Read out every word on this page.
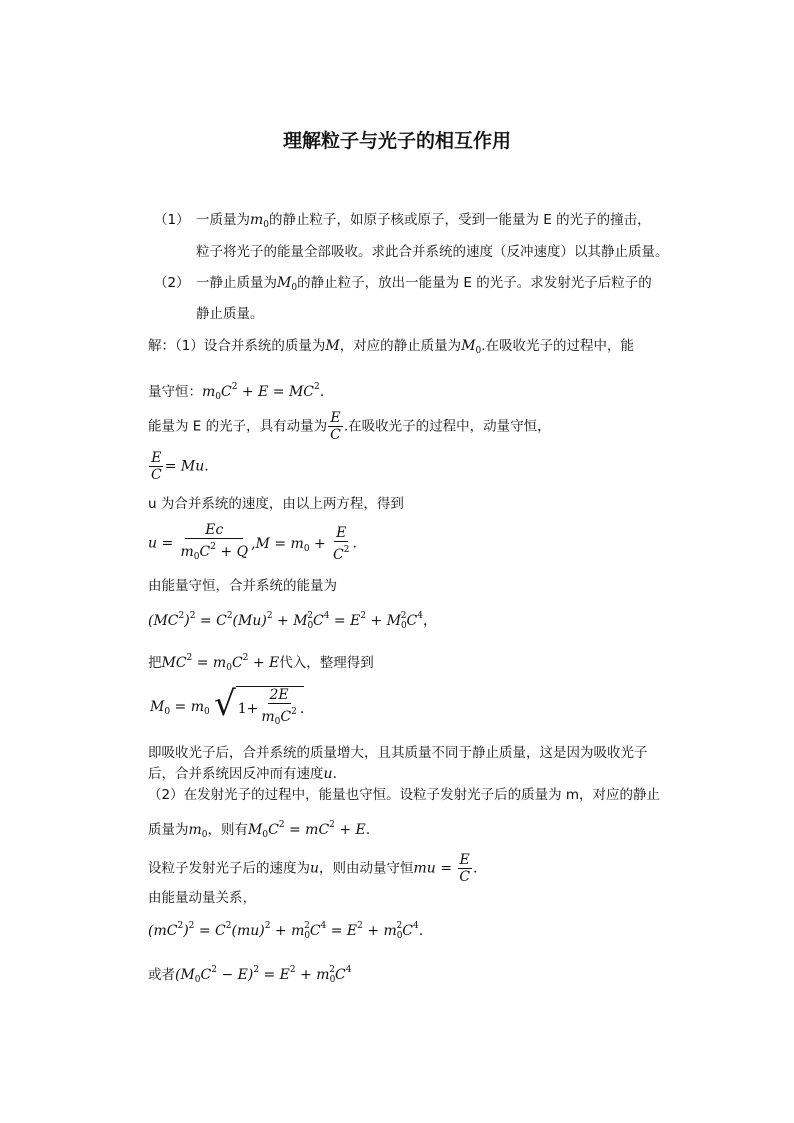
理解粒子与光子的相互作用
（1） 一质量为$m_0$的静止粒子，如原子核或原子，受到一能量为 E 的光子的撞击，
粒子将光子的能量全部吸收。求此合并系统的速度（反冲速度）以其静止质量。
（2） 一静止质量为$M_0$的静止粒子，放出一能量为 E 的光子。求发射光子后粒子的
静止质量。
解：（1）设合并系统的质量为M，对应的静止质量为$M_0$.在吸收光子的过程中，能
量守恒：$m_0C^2 + E = MC^2$.
能量为 E 的光子，具有动量为 $\frac{E}{C}$ .在吸收光子的过程中，动量守恒，
$\frac{E}{C} = Mu$.
u 为合并系统的速度，由以上两方程，得到
$u = \frac{Ec}{m_0C^2 + Q} ,M = m_0 + \frac{E}{C^2}$ .
由能量守恒，合并系统的能量为
$(MC^2)^2 = C^2(Mu)^2 + M_0^2C^4 = E^2 + M_0^2C^4$，
把$MC^2 = m_0C^2 + E$代入，整理得到
$M_0 = m_0$ √ $1 + \frac{2E}{m_0C^2}$ .
即吸收光子后，合并系统的质量增大，且其质量不同于静止质量，这是因为吸收光子
后，合并系统因反冲而有速度u.
（2）在发射光子的过程中，能量也守恒。设粒子发射光子后的质量为 m，对应的静止
质量为$m_0$，则有$M_0C^2 = mC^2 + E$.
设粒子发射光子后的速度为u，则由动量守恒mu = $\frac{E}{C}$ .
由能量动量关系，
$(mC^2)^2 = C^2(mu)^2 + m_0^2C^4 = E^2 + m_0^2C^4$.
或者$(M_0C^2 - E)^2 = E^2 + m_0^2C^4$
